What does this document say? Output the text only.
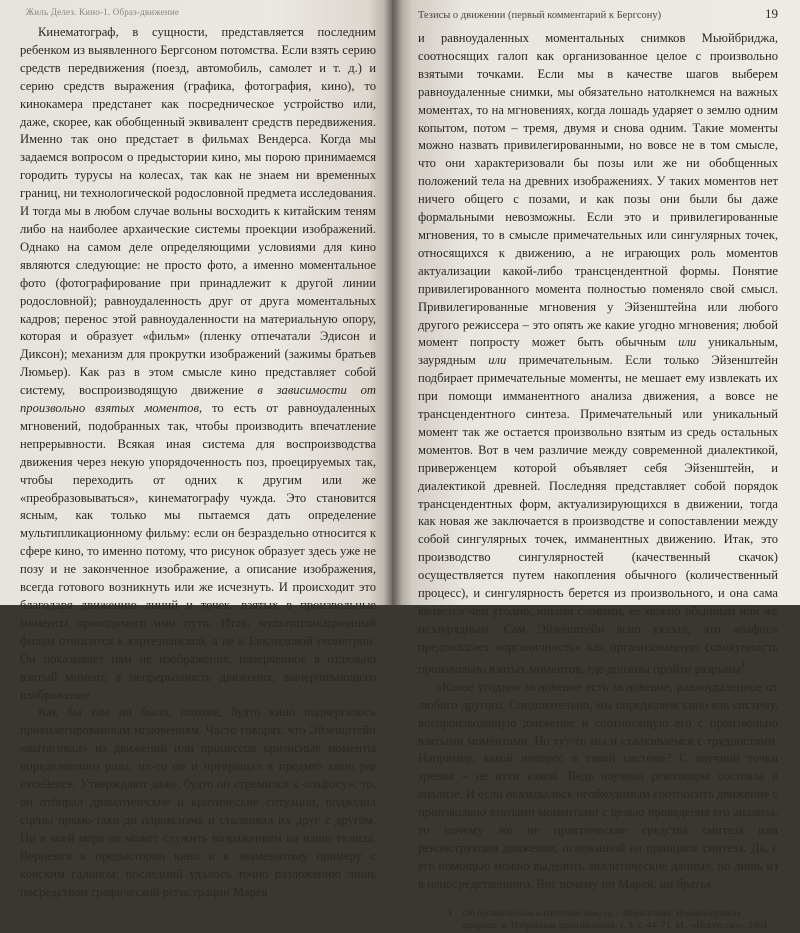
Жиль Делез. Кино-1. Образ-движение

Кинематограф, в сущности, представляется последним ребенком из выявленного Бергсоном потомства. Если взять серию средств передвижения (поезд, автомобиль, самолет и т. д.) и серию средств выражения (графика, фотография, кино), то кинокамера предстанет как посредническое устройство или, даже, скорее, как обобщенный эквивалент средств передвижения. Именно так оно предстает в фильмах Вендерса. Когда мы задаемся вопросом о предыстории кино, мы порою принимаемся городить турусы на колесах, так как не знаем ни временных границ, ни технологической родословной предмета исследования. И тогда мы в любом случае вольны восходить к китайским теням либо на наиболее архаические системы проекции изображений. Однако на самом деле определяющими условиями для кино являются следующие: не просто фото, а именно моментальное фото (фотографирование при принадлежит к другой линии родословной); равноудаленность друг от друга моментальных кадров; перенос этой равноудаленности на материальную опору, которая и образует «фильм» (пленку отпечатали Эдисон и Диксон); механизм для прокрутки изображений (зажимы братьев Люмьер). Как раз в этом смысле кино представляет собой систему, воспроизводящую движение в зависимости от произвольно взятых моментов, то есть от равноудаленных мгновений, подобранных так, чтобы производить впечатление непрерывности. Всякая иная система для воспроизводства движения через некую упорядоченность поз, проецируемых так, чтобы переходить от одних к другим или же «преобразовываться», кинематографу чужда. Это становится ясным, как только мы пытаемся дать определение мультипликационному фильму: если он безраздельно относится к сфере кино, то именно потому, что рисунок образует здесь уже не позу и не законченное изображение, а описание изображения, всегда готового возникнуть или же исчезнуть. И происходит это благодаря движению линий и точек, взятых в произвольные моменты проходимого ими пути. Итак, мультипликационный фильм относится к картезианской, а не к Евклидовой геометрии. Он показывает нам не изображение, начерченное в отдельно взятый момент, а непрерывность движения, вычерчивающего изображение.

Как бы там ни было, похоже, будто кино подвергалось привилегированным мгновениям. Часто говорят, что Эйзенштейн «вытягивал» из движений или процессов кризисные моменты определенного рода, их-то он и превращал в предмет кино par excellence. Утверждают даже, будто он стремился к «пафосу»: то, он отбирал драматические и критические ситуации, подводил сцены прямо-таки до пароксизма и сталкивал их друг с другом. Ни в коей мере не может служить возражением на наши тезисы. Вернемся к предыстории кино и к знаменитому примеру с конским галопом: последний удалось точно разложению лишь посредством графической регистрации Марея

Тезисы о движении (первый комментарий к Бергсону)	19

и равноудаленных моментальных снимков Мьюйбриджа, соотносящих галоп как организованное целое с произвольно взятыми точками. Если мы в качестве шагов выберем равноудаленные снимки, мы обязательно натолкнемся на важных моментах, то на мгновениях, когда лошадь ударяет о землю одним копытом, потом – тремя, двумя и снова одним. Такие моменты можно назвать привилегированными, но вовсе не в том смысле, что они характеризовали бы позы или же ни обобщенных положений тела на древних изображениях. У таких моментов нет ничего общего с позами, и как позы они были бы даже формальными невозможны. Если это и привилегированные мгновения, то в смысле примечательных или сингулярных точек, относящихся к движению, а не играющих роль моментов актуализации какой-либо трансцендентной формы. Понятие привилегированного момента полностью поменяло свой смысл. Привилегированные мгновения у Эйзенштейна или любого другого режиссера – это опять же какие угодно мгновения; любой момент попросту может быть обычным или уникальным, заурядным или примечательным. Если только Эйзенштейн подбирает примечательные моменты, не мешает ему извлекать их при помощи имманентного анализа движения, а вовсе не трансцендентного синтеза. Примечательный или уникальный момент так же остается произвольно взятым из средь остальных моментов. Вот в чем различие между современной диалектикой, приверженцем которой объявляет себя Эйзенштейн, и диалектикой древней. Последняя представляет собой порядок трансцендентных форм, актуализирующихся в движении, тогда как новая же заключается в производстве и сопоставлении между собой сингулярных точек, имманентных движению. Итак, это производство сингулярностей (качественный скачок) осуществляется путем накопления обычного (количественный процесс), и сингулярность берется из произвольного, и она сама является чем угодно, иными словами, ее можно обычным или же незаурядным. Сам Эйзенштейн ясно указал, что «пафос» предполагает «органичность» как организованную совокупность произвольно взятых моментов, где должны пройти разрывы$^1$.

«Какое угодно» мгновение есть мгновение, равноудаленное от любого другого. Следовательно, мы определяем кино как систему, воспроизводящую движение и соотносящую его с произвольно взятыми моментами. Но тут-то мы и сталкиваемся с трудностями. Например, какой интерес в такой системе? С научной точки зрения – не ахти какой. Ведь научная революция состояла в анализе. И если оказывалось необходимым соотносить движение с произвольно взятыми моментами с целью проведения его анализа, то почему же не практические средства синтеза или реконструкции движения, основанной на принципе синтеза. Да, с его помощью можно выделить аналитические данные, но лишь из в непосредственного. Вот почему ни Марей, ни братья

1 Об органическом и патетическом, ср.: Эйзенштейн. Неравнодушная природа, в: Избранные произведения, т. 3, с. 44–71. М., «Искусство», 1964.
